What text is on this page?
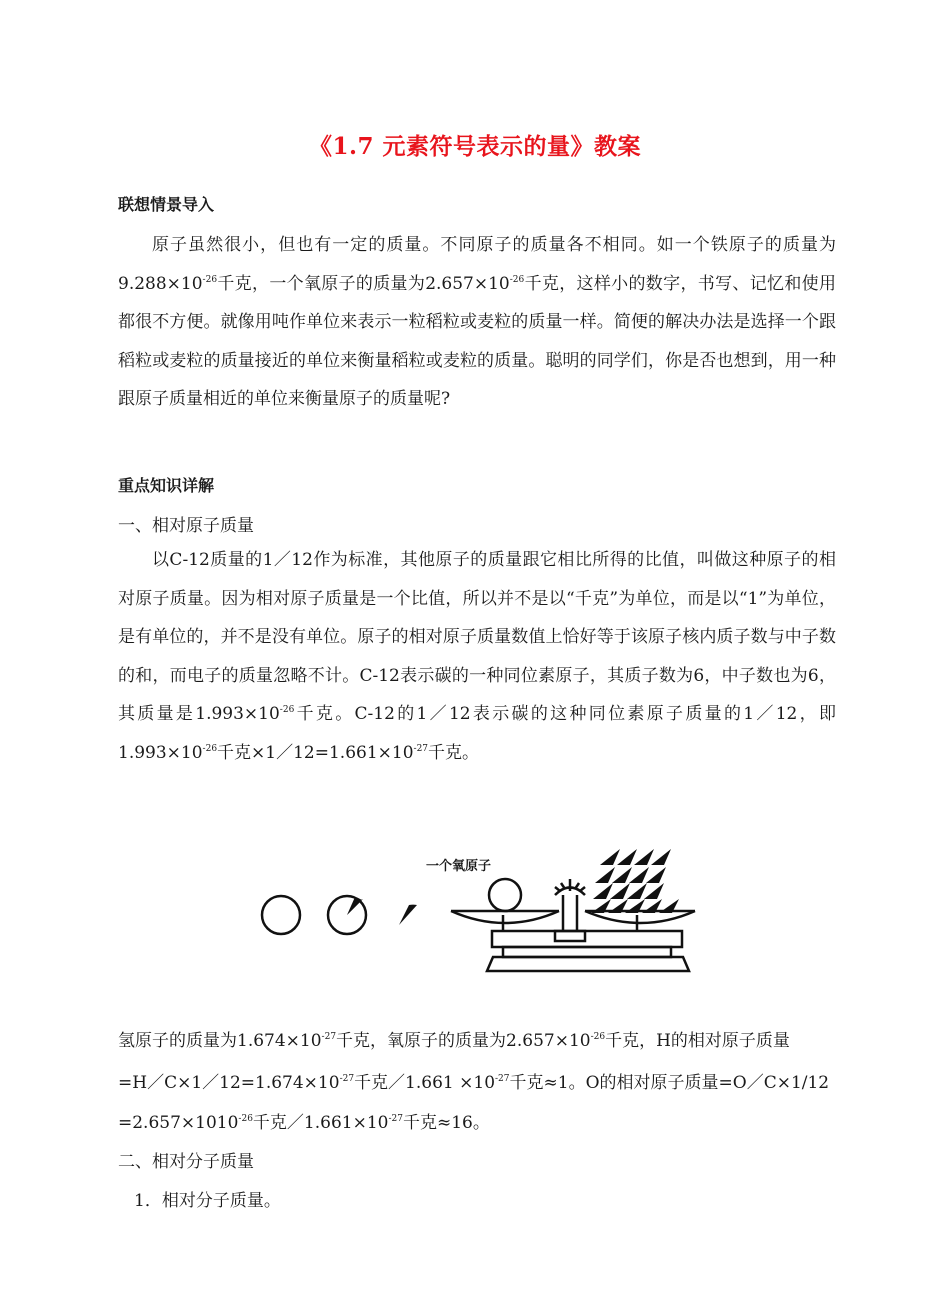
《1.7 元素符号表示的量》教案
联想情景导入
原子虽然很小，但也有一定的质量。不同原子的质量各不相同。如一个铁原子的质量为$9.288\times 10^{-26}$千克，一个氧原子的质量为$2.657\times 10^{-26}$千克，这样小的数字，书写、记忆和使用都很不方便。就像用吨作单位来表示一粒稻粒或麦粒的质量一样。简便的解决办法是选择一个跟稻粒或麦粒的质量接近的单位来衡量稻粒或麦粒的质量。聪明的同学们，你是否也想到，用一种跟原子质量相近的单位来衡量原子的质量呢?
重点知识详解
一、相对原子质量
以C-12质量的1／12作为标准，其他原子的质量跟它相比所得的比值，叫做这种原子的相对原子质量。因为相对原子质量是一个比值，所以并不是以“千克”为单位，而是以“1”为单位，是有单位的，并不是没有单位。原子的相对原子质量数值上恰好等于该原子核内质子数与中子数的和，而电子的质量忽略不计。C-12表示碳的一种同位素原子，其质子数为6，中子数也为6，其质量是$1.993\times 10^{-26}$千克。C-12的1／12表示碳的这种同位素原子质量的1／12，即$1.993\times 10^{-26}$千克$\times 1/12=1.661\times 10^{-27}$千克。
一个氧原子
氢原子的质量为$1.674\times 10^{-27}$千克，氧原子的质量为$2.657\times 10^{-26}$千克，H的相对原子质量
$=H/C\times 1/12=1.674\times 10^{-27}$千克／1.661 $\times 10^{-27}$千克≈1。O的相对原子质量=O／C×1/12
$=2.657\times 1010^{-26}$千克$/1.661\times 10^{-27}$千克≈16。
二、相对分子质量
1．相对分子质量。
